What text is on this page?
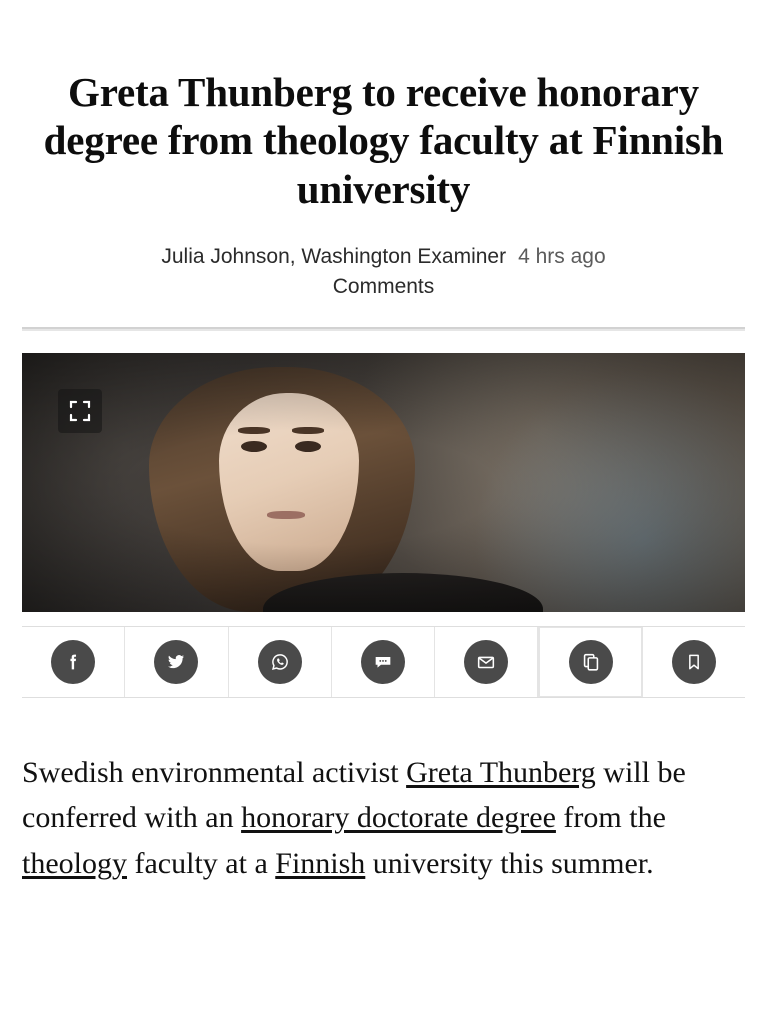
Greta Thunberg to receive honorary degree from theology faculty at Finnish university
Julia Johnson, Washington Examiner 4 hrs ago
Comments

Swedish environmental activist Greta Thunberg will be conferred with an honorary doctorate degree from the theology faculty at a Finnish university this summer.
